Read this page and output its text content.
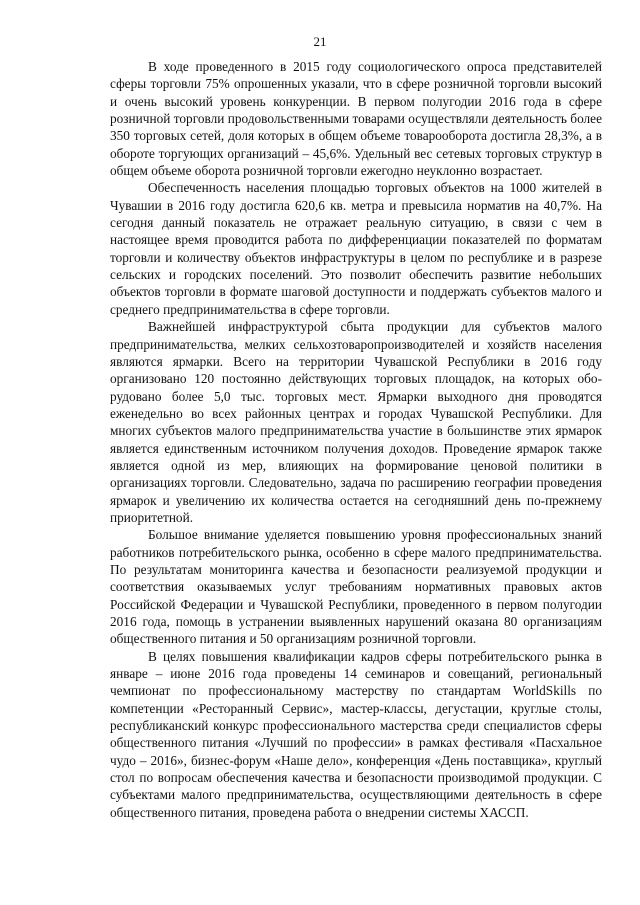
21

В ходе проведенного в 2015 году социологического опроса представителей сферы торговли 75% опрошенных указали, что в сфере розничной торговли высокий и очень высокий уровень конкуренции. В первом полугодии 2016 года в сфере розничной торговли продовольственными товарами осуществляли деятельность более 350 торговых сетей, доля которых в общем объеме товарооборота достигла 28,3%, а в обороте торгующих организаций – 45,6%. Удельный вес сетевых торговых структур в общем объеме оборота розничной торговли ежегодно неуклонно возрастает.

Обеспеченность населения площадью торговых объектов на 1000 жителей в Чувашии в 2016 году достигла 620,6 кв. метра и превысила норматив на 40,7%. На сегодня данный показатель не отражает реальную ситуацию, в связи с чем в настоящее время проводится работа по дифференциации показателей по форматам торговли и количеству объектов инфраструктуры в целом по республике и в разрезе сельских и городских поселений. Это позволит обеспечить развитие небольших объектов торговли в формате шаговой доступности и поддержать субъектов малого и среднего предпринимательства в сфере торговли.

Важнейшей инфраструктурой сбыта продукции для субъектов малого предпринимательства, мелких сельхозтоваропроизводителей и хозяйств населения являются ярмарки. Всего на территории Чувашской Республики в 2016 году организовано 120 постоянно действующих торговых площадок, на которых оборудовано более 5,0 тыс. торговых мест. Ярмарки выходного дня проводятся еженедельно во всех районных центрах и городах Чувашской Республики. Для многих субъектов малого предпринимательства участие в большинстве этих ярмарок является единственным источником получения доходов. Проведение ярмарок также является одной из мер, влияющих на формирование ценовой политики в организациях торговли. Следовательно, задача по расширению географии проведения ярмарок и увеличению их количества остается на сегодняшний день по-прежнему приоритетной.

Большое внимание уделяется повышению уровня профессиональных знаний работников потребительского рынка, особенно в сфере малого предпринимательства. По результатам мониторинга качества и безопасности реализуемой продукции и соответствия оказываемых услуг требованиям нормативных правовых актов Российской Федерации и Чувашской Республики, проведенного в первом полугодии 2016 года, помощь в устранении выявленных нарушений оказана 80 организациям общественного питания и 50 организациям розничной торговли.

В целях повышения квалификации кадров сферы потребительского рынка в январе – июне 2016 года проведены 14 семинаров и совещаний, региональный чемпионат по профессиональному мастерству по стандартам WorldSkills по компетенции «Ресторанный Сервис», мастер-классы, дегустации, круглые столы, республиканский конкурс профессионального мастерства среди специалистов сферы общественного питания «Лучший по профессии» в рамках фестиваля «Пасхальное чудо – 2016», бизнес-форум «Наше дело», конференция «День поставщика», круглый стол по вопросам обеспечения качества и безопасности производимой продукции. С субъектами малого предпринимательства, осуществляющими деятельность в сфере общественного питания, проведена работа о внедрении системы ХАССП.
